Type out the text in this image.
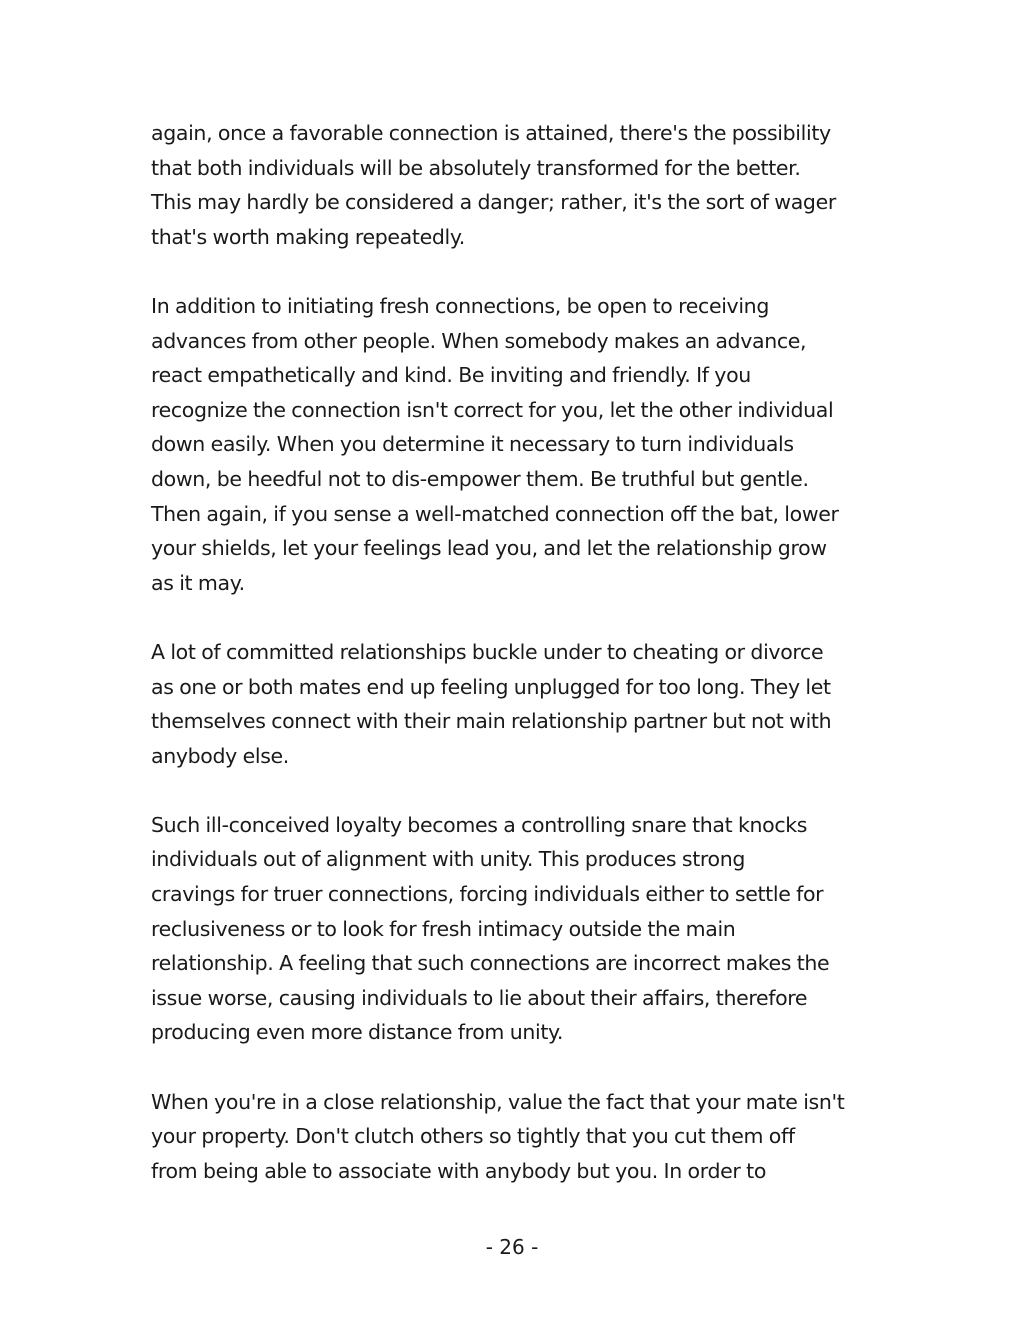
again, once a favorable connection is attained, there's the possibility
that both individuals will be absolutely transformed for the better.
This may hardly be considered a danger; rather, it's the sort of wager
that's worth making repeatedly.

In addition to initiating fresh connections, be open to receiving
advances from other people. When somebody makes an advance,
react empathetically and kind. Be inviting and friendly. If you
recognize the connection isn't correct for you, let the other individual
down easily. When you determine it necessary to turn individuals
down, be heedful not to dis-empower them. Be truthful but gentle.
Then again, if you sense a well-matched connection off the bat, lower
your shields, let your feelings lead you, and let the relationship grow
as it may.

A lot of committed relationships buckle under to cheating or divorce
as one or both mates end up feeling unplugged for too long. They let
themselves connect with their main relationship partner but not with
anybody else.

Such ill-conceived loyalty becomes a controlling snare that knocks
individuals out of alignment with unity. This produces strong
cravings for truer connections, forcing individuals either to settle for
reclusiveness or to look for fresh intimacy outside the main
relationship. A feeling that such connections are incorrect makes the
issue worse, causing individuals to lie about their affairs, therefore
producing even more distance from unity.

When you're in a close relationship, value the fact that your mate isn't
your property. Don't clutch others so tightly that you cut them off
from being able to associate with anybody but you. In order to

- 26 -
